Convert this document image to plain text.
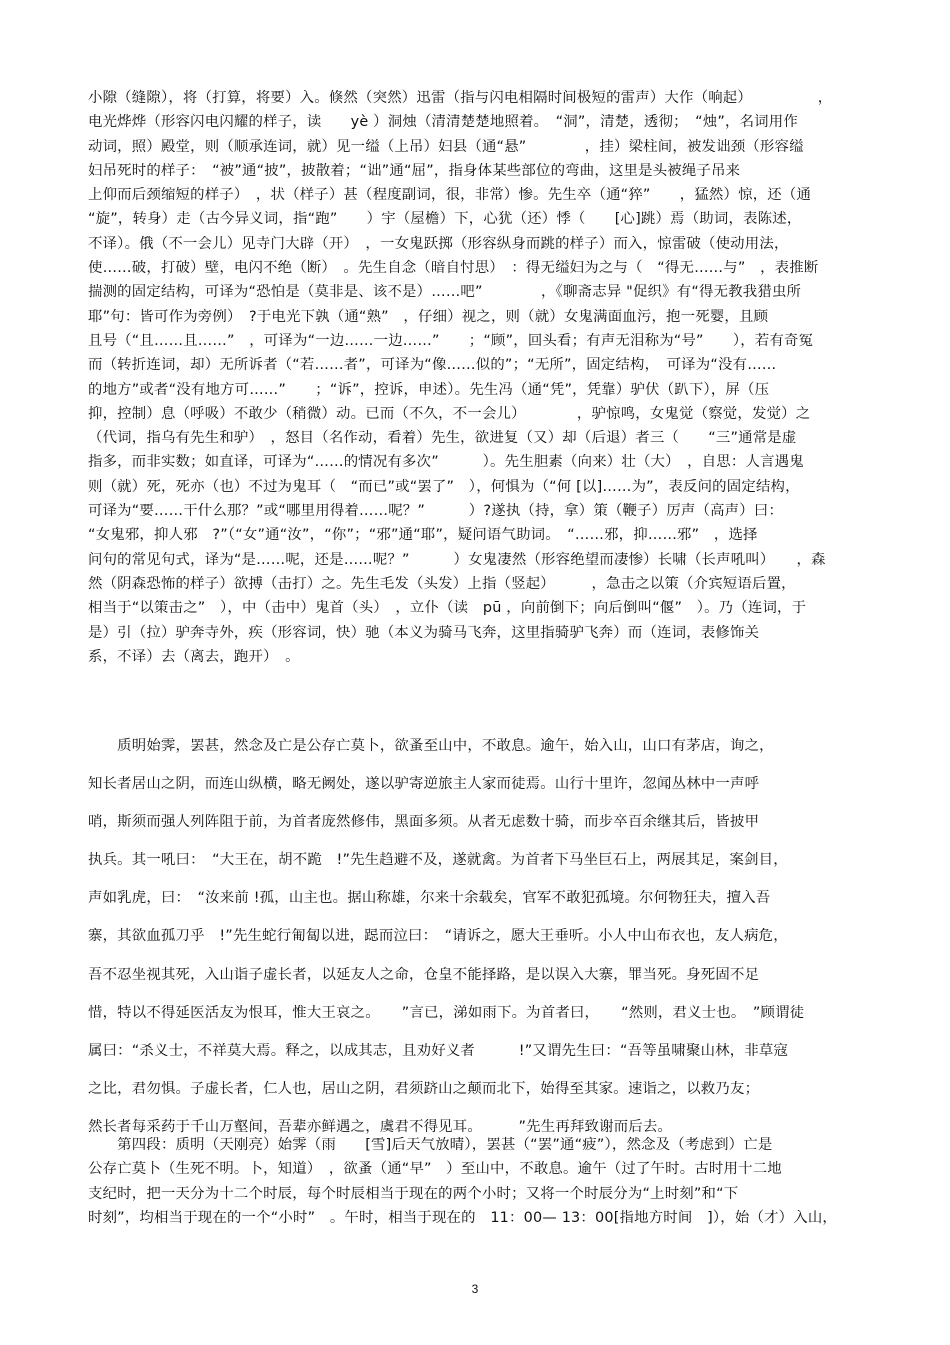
小隙（缝隙），将（打算，将要）入。倏然（突然）迅雷（指与闪电相隔时间极短的雷声）大作（响起）　　　　　，

电光烨烨（形容闪电闪耀的样子，读　　yè ）洞烛（清清楚楚地照着。　“洞”，清楚，透彻；　“烛”，名词用作

动词，照）殿堂，则（顺承连词，就）见一缢（上吊）妇县（通“悬”　　　　，挂）梁柱间，被发诎颈（形容缢

妇吊死时的样子：　“被”通“披”，披散着；“诎”通“屈”，指身体某些部位的弯曲，这里是头被绳子吊来

上仰而后颈缩短的样子）　，状（样子）甚（程度副词，很，非常）惨。先生卒（通“猝”　　，猛然）惊，还（通

“旋”，转身）走（古今异义词，指“跑”　　）宇（屋檐）下，心犹（还）悸（　　[心]跳）焉（助词，表陈述，

不译）。俄（不一会儿）见寺门大辟（开）　，一女鬼跃掷（形容纵身而跳的样子）而入，惊雷破（使动用法，

使……破，打破）壁，电闪不绝（断）　。先生自念（暗自忖思）　：得无缢妇为之与（　“得无……与”　，表推断

揣测的固定结构，可译为“恐怕是（莫非是、该不是）……吧”　　　　，《聊斋志异 "促织》有“得无教我猎虫所

耶”句：皆可作为旁例）　?于电光下孰（通“熟”　，仔细）视之，则（就）女鬼满面血污，抱一死婴，且顾

且号（“且……且……”　，可译为“一边……一边……”　　；“顾”，回头看；有声无泪称为“号”　　），若有奇冤

而（转折连词，却）无所诉者（“若……者”，可译为“像……似的”；“无所”，固定结构，　可译为“没有……

的地方”或者“没有地方可……”　　；“诉”，控诉，申述）。先生冯（通“凭”，凭靠）驴伏（趴下），屏（压

抑，控制）息（呼吸）不敢少（稍微）动。已而（不久，不一会儿）　　　　，驴惊鸣，女鬼觉（察觉，发觉）之

（代词，指乌有先生和驴）　，怒目（名作动，看着）先生，欲进复（又）却（后退）者三（　　“三”通常是虚

指多，而非实数；如直译，可译为“……的情况有多次”　　　）。先生胆素（向来）壮（大）　，自思：人言遇鬼

则（就）死，死亦（也）不过为鬼耳（　“而已”或“罢了”　），何惧为（“何 [以]……为”，表反问的固定结构，

可译为“要……干什么那？”或“哪里用得着……呢？”　　　）?遂执（持，拿）策（鞭子）厉声（高声）曰：

“女鬼邪，抑人邪　?”（“女”通“汝”，“你”；“邪”通“耶”，疑问语气助词。　“……邪，抑……邪”　，选择

问句的常见句式，译为“是……呢，还是……呢？”　　　）女鬼凄然（形容绝望而凄惨）长啸（长声吼叫）　　，森

然（阴森恐怖的样子）欲搏（击打）之。先生毛发（头发）上指（竖起）　　　，急击之以策（介宾短语后置，

相当于“以策击之”　），中（击中）鬼首（头）　，立仆（读　pū ，向前倒下；向后倒叫“偃”　）。乃（连词，于

是）引（拉）驴奔寺外，疾（形容词，快）驰（本义为骑马飞奔，这里指骑驴飞奔）而（连词，表修饰关

系，不译）去（离去，跑开）　。

　　质明始霁，罢甚，然念及亡是公存亡莫卜，欲蚤至山中，不敢息。逾午，始入山，山口有茅店，询之，

知长者居山之阴，而连山纵横，略无阙处，遂以驴寄逆旅主人家而徒焉。山行十里许，忽闻丛林中一声呼

哨，斯须而强人列阵阻于前，为首者庞然修伟，黑面多须。从者无虑数十骑，而步卒百余继其后，皆披甲

执兵。其一吼曰：　“大王在，胡不跪　!”先生趋避不及，遂就禽。为首者下马坐巨石上，两展其足，案剑目，

声如乳虎，曰：　“汝来前 !孤，山主也。据山称雄，尔来十余载矣，官军不敢犯孤境。尔何物狂夫，擅入吾

寨，其欲血孤刀乎　!”先生蛇行匍匐以进，跽而泣曰：　“请诉之，愿大王垂听。小人中山布衣也，友人病危，

吾不忍坐视其死，入山诣子虚长者，以延友人之命，仓皇不能择路，是以误入大寨，罪当死。身死固不足

惜，特以不得延医活友为恨耳，惟大王哀之。　　”言已，涕如雨下。为首者曰，　　“然则，君义士也。　”顾谓徒

属曰：“杀义士，不祥莫大焉。释之，以成其志，且劝好义者　　　!”又谓先生曰：“吾等虽啸聚山林，非草寇

之比，君勿惧。子虚长者，仁人也，居山之阴，君须跻山之颠而北下，始得至其家。速诣之，以救乃友；

然长者每采药于千山万壑间，吾辈亦鲜遇之，虞君不得见耳。　　　”先生再拜致谢而后去。

　　第四段：质明（天刚亮）始霁（雨　　[雪]后天气放晴），罢甚（“罢”通“疲”），然念及（考虑到）亡是

公存亡莫卜（生死不明。卜，知道）　，欲蚤（通“早”　）至山中，不敢息。逾午（过了午时。古时用十二地

支纪时，把一天分为十二个时辰，每个时辰相当于现在的两个小时；又将一个时辰分为“上时刻”和“下

时刻”，均相当于现在的一个“小时”　。午时，相当于现在的　11：00— 13：00[指地方时间　]），始（才）入山，

3
